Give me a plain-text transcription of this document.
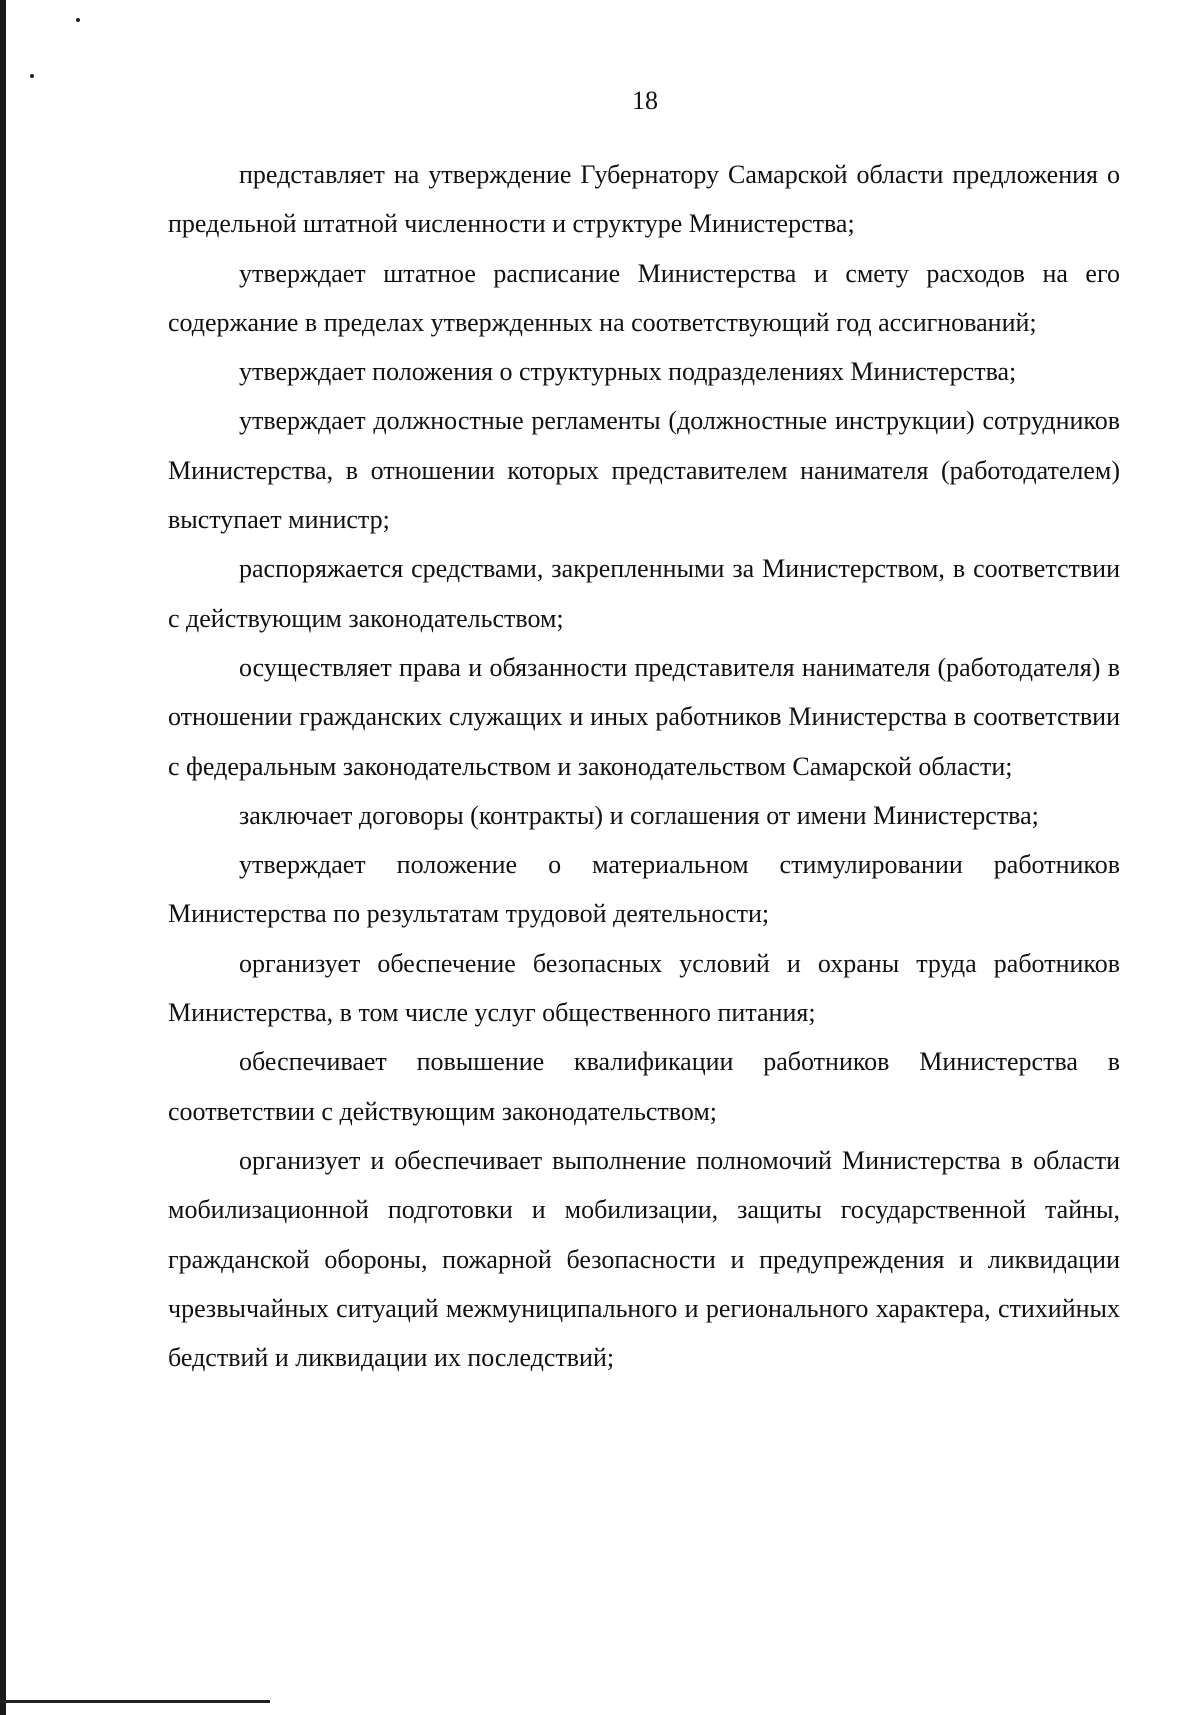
18

представляет на утверждение Губернатору Самарской области предложения о предельной штатной численности и структуре Министерства;

утверждает штатное расписание Министерства и смету расходов на его содержание в пределах утвержденных на соответствующий год ассигнований;

утверждает положения о структурных подразделениях Министерства;

утверждает должностные регламенты (должностные инструкции) сотрудников Министерства, в отношении которых представителем нанимателя (работодателем) выступает министр;

распоряжается средствами, закрепленными за Министерством, в соответствии с действующим законодательством;

осуществляет права и обязанности представителя нанимателя (работодателя) в отношении гражданских служащих и иных работников Министерства в соответствии с федеральным законодательством и законодательством Самарской области;

заключает договоры (контракты) и соглашения от имени Министерства;

утверждает положение о материальном стимулировании работников Министерства по результатам трудовой деятельности;

организует обеспечение безопасных условий и охраны труда работников Министерства, в том числе услуг общественного питания;

обеспечивает повышение квалификации работников Министерства в соответствии с действующим законодательством;

организует и обеспечивает выполнение полномочий Министерства в области мобилизационной подготовки и мобилизации, защиты государственной тайны, гражданской обороны, пожарной безопасности и предупреждения и ликвидации чрезвычайных ситуаций межмуниципального и регионального характера, стихийных бедствий и ликвидации их последствий;
